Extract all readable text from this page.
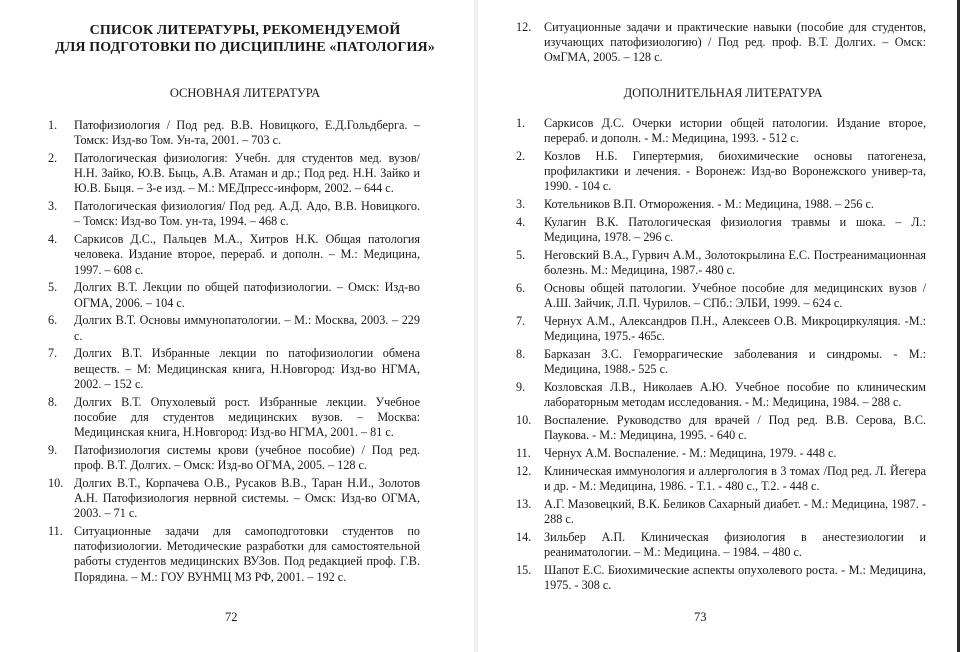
СПИСОК ЛИТЕРАТУРЫ, РЕКОМЕНДУЕМОЙ
ДЛЯ ПОДГОТОВКИ ПО ДИСЦИПЛИНЕ «ПАТОЛОГИЯ»
ОСНОВНАЯ ЛИТЕРАТУРА
1.	Патофизиология / Под ред. В.В. Новицкого, Е.Д.Гольдберга. – Томск: Изд-во Том. Ун-та, 2001. – 703 с.
2.	Патологическая физиология: Учебн. для студентов мед. вузов/ Н.Н. Зайко, Ю.В. Быць, А.В. Атаман и др.; Под ред. Н.Н. Зайко и Ю.В. Быця. – 3-е изд. – М.: МЕДпресс-информ, 2002. – 644 с.
3.	Патологическая физиология/ Под ред. А.Д. Адо, В.В. Новицкого. – Томск: Изд-во Том. ун-та, 1994. – 468 с.
4.	Саркисов Д.С., Пальцев М.А., Хитров Н.К. Общая патология человека. Издание второе, перераб. и дополн. – М.: Медицина, 1997. – 608 с.
5.	Долгих В.Т. Лекции по общей патофизиологии. – Омск: Изд-во ОГМА, 2006. – 104 с.
6.	Долгих В.Т. Основы иммунопатологии. – М.: Москва, 2003. – 229 с.
7.	Долгих В.Т. Избранные лекции по патофизиологии обмена веществ. – М: Медицинская книга, Н.Новгород: Изд-во НГМА, 2002. – 152 с.
8.	Долгих В.Т. Опухолевый рост. Избранные лекции. Учебное пособие для студентов медицинских вузов. – Москва: Медицинская книга, Н.Новгород: Изд-во НГМА, 2001. – 81 с.
9.	Патофизиология системы крови (учебное пособие) / Под ред. проф. В.Т. Долгих. – Омск: Изд-во ОГМА, 2005. – 128 с.
10. Долгих В.Т., Корпачева О.В., Русаков В.В., Таран Н.И., Золотов А.Н. Патофизиология нервной системы. – Омск: Изд-во ОГМА, 2003. – 71 с.
11. Ситуационные задачи для самоподготовки студентов по патофизиологии. Методические разработки для самостоятельной работы студентов медицинских ВУЗов. Под редакцией проф. Г.В. Порядина. – М.: ГОУ ВУНМЦ МЗ РФ, 2001. – 192 с.
72
12.	Ситуационные задачи и практические навыки (пособие для студентов, изучающих патофизиологию) / Под ред. проф. В.Т. Долгих. – Омск: ОмГМА, 2005. – 128 с.
ДОПОЛНИТЕЛЬНАЯ ЛИТЕРАТУРА
1.	Саркисов Д.С. Очерки истории общей патологии. Издание второе, перераб. и дополн. - М.: Медицина, 1993. - 512 с.
2.	Козлов Н.Б. Гипертермия, биохимические основы патогенеза, профилактики и лечения. - Воронеж: Изд-во Воронежского универ-та, 1990. - 104 с.
3.	Котельников В.П. Отморожения. - М.: Медицина, 1988. – 256 с.
4.	Кулагин В.К. Патологическая физиология травмы и шока. – Л.: Медицина, 1978. – 296 с.
5.	Неговский В.А., Гурвич А.М., Золотокрылина Е.С. Постреанимационная болезнь. М.: Медицина, 1987.- 480 с.
6.	Основы общей патологии. Учебное пособие для медицинских вузов / А.Ш. Зайчик, Л.П. Чурилов. – СПб.: ЭЛБИ, 1999. – 624 с.
7.	Чернух А.М., Александров П.Н., Алексеев О.В. Микроциркуляция. -М.: Медицина, 1975.- 465с.
8.	Барказан З.С. Геморрагические заболевания и синдромы. - М.: Медицина, 1988.- 525 с.
9.	Козловская Л.В., Николаев А.Ю. Учебное пособие по клиническим лабораторным методам исследования. - М.: Медицина, 1984. – 288 с.
10.	Воспаление. Руководство для врачей / Под ред. В.В. Серова, В.С. Паукова. - М.: Медицина, 1995. - 640 с.
11.	Чернух А.М. Воспаление. - М.: Медицина, 1979. - 448 с.
12.	Клиническая иммунология и аллергология в 3 томах /Под ред. Л. Йегера и др. - М.: Медицина, 1986. - Т.1. - 480 с., Т.2. - 448 с.
13.	А.Г. Мазовецкий, В.К. Беликов Сахарный диабет. - М.: Медицина, 1987. - 288 с.
14.	Зильбер А.П. Клиническая физиология в анестезиологии и реаниматологии. – М.: Медицина. – 1984. – 480 с.
15.	Шапот Е.С. Биохимические аспекты опухолевого роста. - М.: Медицина, 1975. - 308 с.
73
